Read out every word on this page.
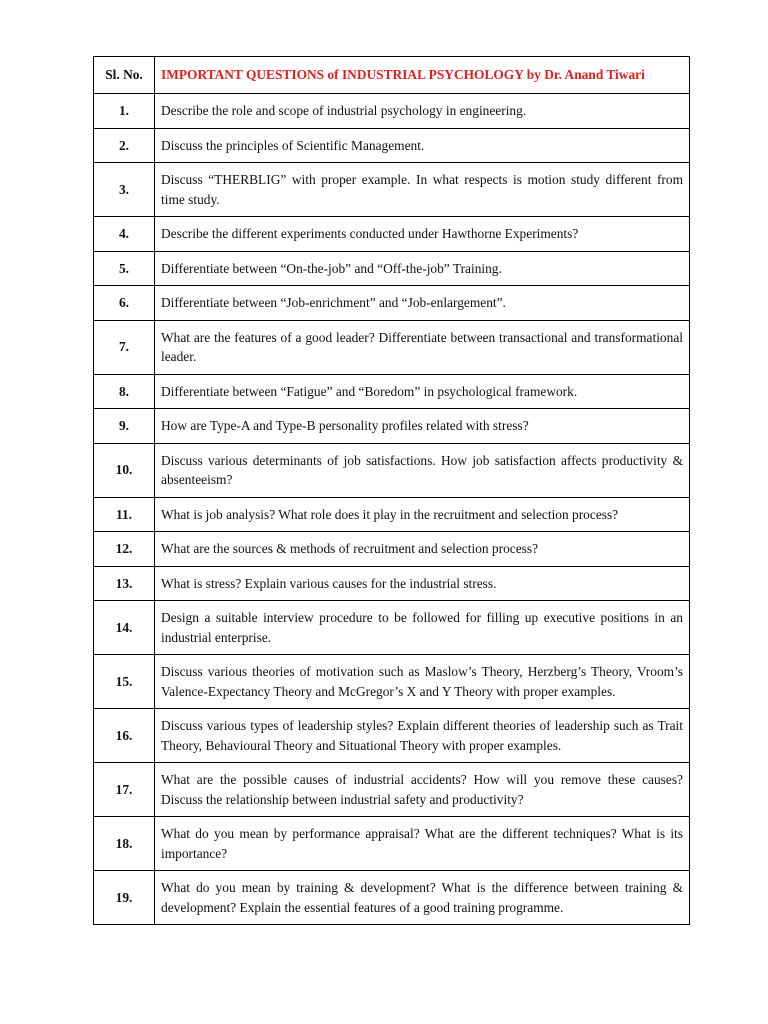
Sl. No.	IMPORTANT QUESTIONS of INDUSTRIAL PSYCHOLOGY by Dr. Anand Tiwari
1.	Describe the role and scope of industrial psychology in engineering.
2.	Discuss the principles of Scientific Management.
3.	Discuss “THERBLIG” with proper example. In what respects is motion study different from time study.
4.	Describe the different experiments conducted under Hawthorne Experiments?
5.	Differentiate between “On-the-job” and “Off-the-job” Training.
6.	Differentiate between “Job-enrichment” and “Job-enlargement”.
7.	What are the features of a good leader? Differentiate between transactional and transformational leader.
8.	Differentiate between “Fatigue” and “Boredom” in psychological framework.
9.	How are Type-A and Type-B personality profiles related with stress?
10.	Discuss various determinants of job satisfactions. How job satisfaction affects productivity & absenteeism?
11.	What is job analysis? What role does it play in the recruitment and selection process?
12.	What are the sources & methods of recruitment and selection process?
13.	What is stress? Explain various causes for the industrial stress.
14.	Design a suitable interview procedure to be followed for filling up executive positions in an industrial enterprise.
15.	Discuss various theories of motivation such as Maslow’s Theory, Herzberg’s Theory, Vroom’s Valence-Expectancy Theory and McGregor’s X and Y Theory with proper examples.
16.	Discuss various types of leadership styles? Explain different theories of leadership such as Trait Theory, Behavioural Theory and Situational Theory with proper examples.
17.	What are the possible causes of industrial accidents? How will you remove these causes? Discuss the relationship between industrial safety and productivity?
18.	What do you mean by performance appraisal? What are the different techniques? What is its importance?
19.	What do you mean by training & development? What is the difference between training & development? Explain the essential features of a good training programme.
